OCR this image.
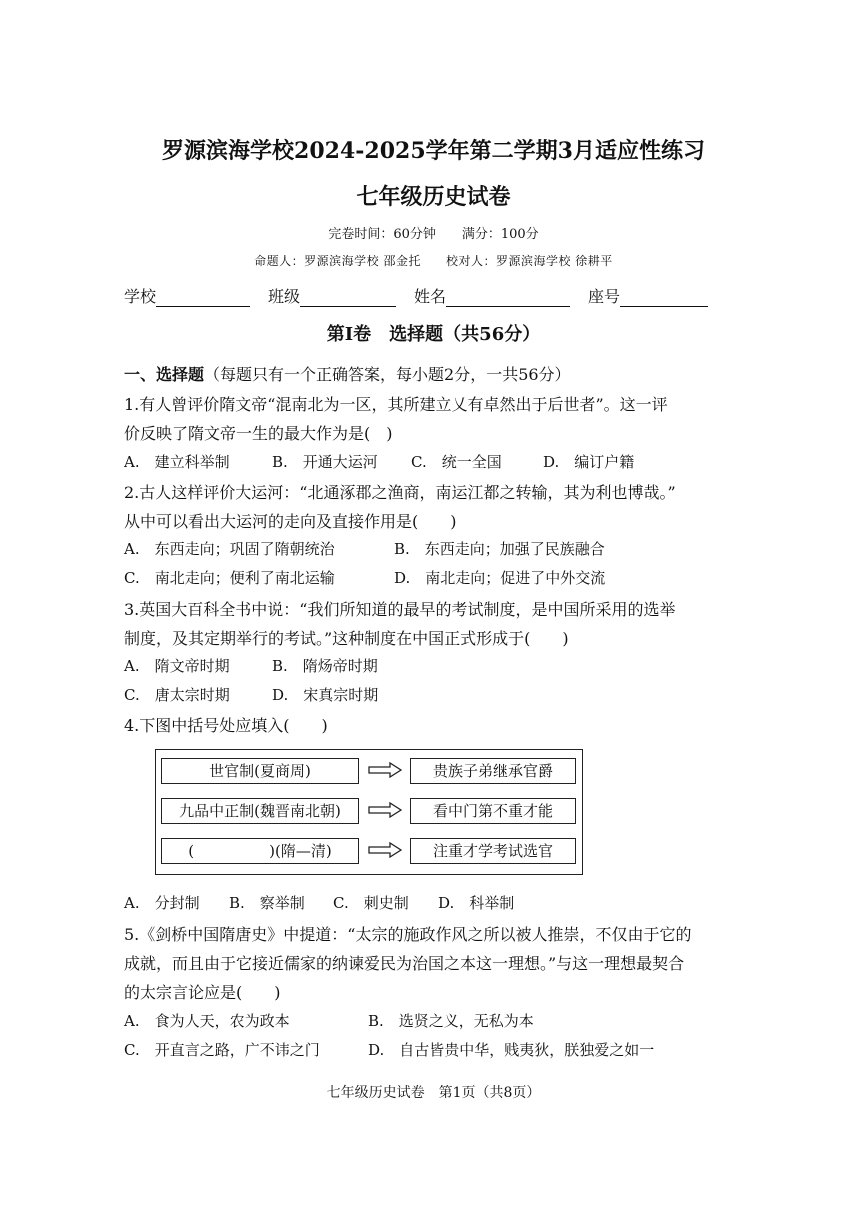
罗源滨海学校2024-2025学年第二学期3月适应性练习
七年级历史试卷
完卷时间：60分钟　　满分：100分
命题人：罗源滨海学校 邵金托　　校对人：罗源滨海学校 徐耕平
学校	班级	姓名	座号
第Ⅰ卷　选择题（共56分）
一、选择题（每题只有一个正确答案，每小题2分，一共56分）
1.有人曾评价隋文帝“混南北为一区，其所建立乂有卓然出于后世者”。这一评
价反映了隋文帝一生的最大作为是(　)
A.　建立科举制	B.　开通大运河 C.　统一全国	D.　编订户籍
2.古人这样评价大运河：“北通涿郡之渔商，南运江都之转输，其为利也博哉。”
从中可以看出大运河的走向及直接作用是(　　)
A.　东西走向；巩固了隋朝统治	B.　东西走向；加强了民族融合
C.　南北走向；便利了南北运输	D.　南北走向；促进了中外交流
3.英国大百科全书中说：“我们所知道的最早的考试制度，是中国所采用的选举
制度，及其定期举行的考试。”这种制度在中国正式形成于(　　)
A.　隋文帝时期	B.　隋炀帝时期
C.　唐太宗时期	D.　宋真宗时期
4.下图中括号处应填入(　　)
世官制(夏商周)	贵族子弟继承官爵
九品中正制(魏晋南北朝)	看中门第不重才能
(　　　　　)(隋—清)	注重才学考试选官
A.　分封制 B.　察举制 C.　刺史制 D.　科举制
5.《剑桥中国隋唐史》中提道：“太宗的施政作风之所以被人推崇，不仅由于它的
成就，而且由于它接近儒家的纳谏爱民为治国之本这一理想。”与这一理想最契合
的太宗言论应是(　　)
A.　食为人天，农为政本	B.　选贤之义，无私为本
C.　开直言之路，广不讳之门	D.　自古皆贵中华，贱夷狄，朕独爱之如一
七年级历史试卷　第1页（共8页）
